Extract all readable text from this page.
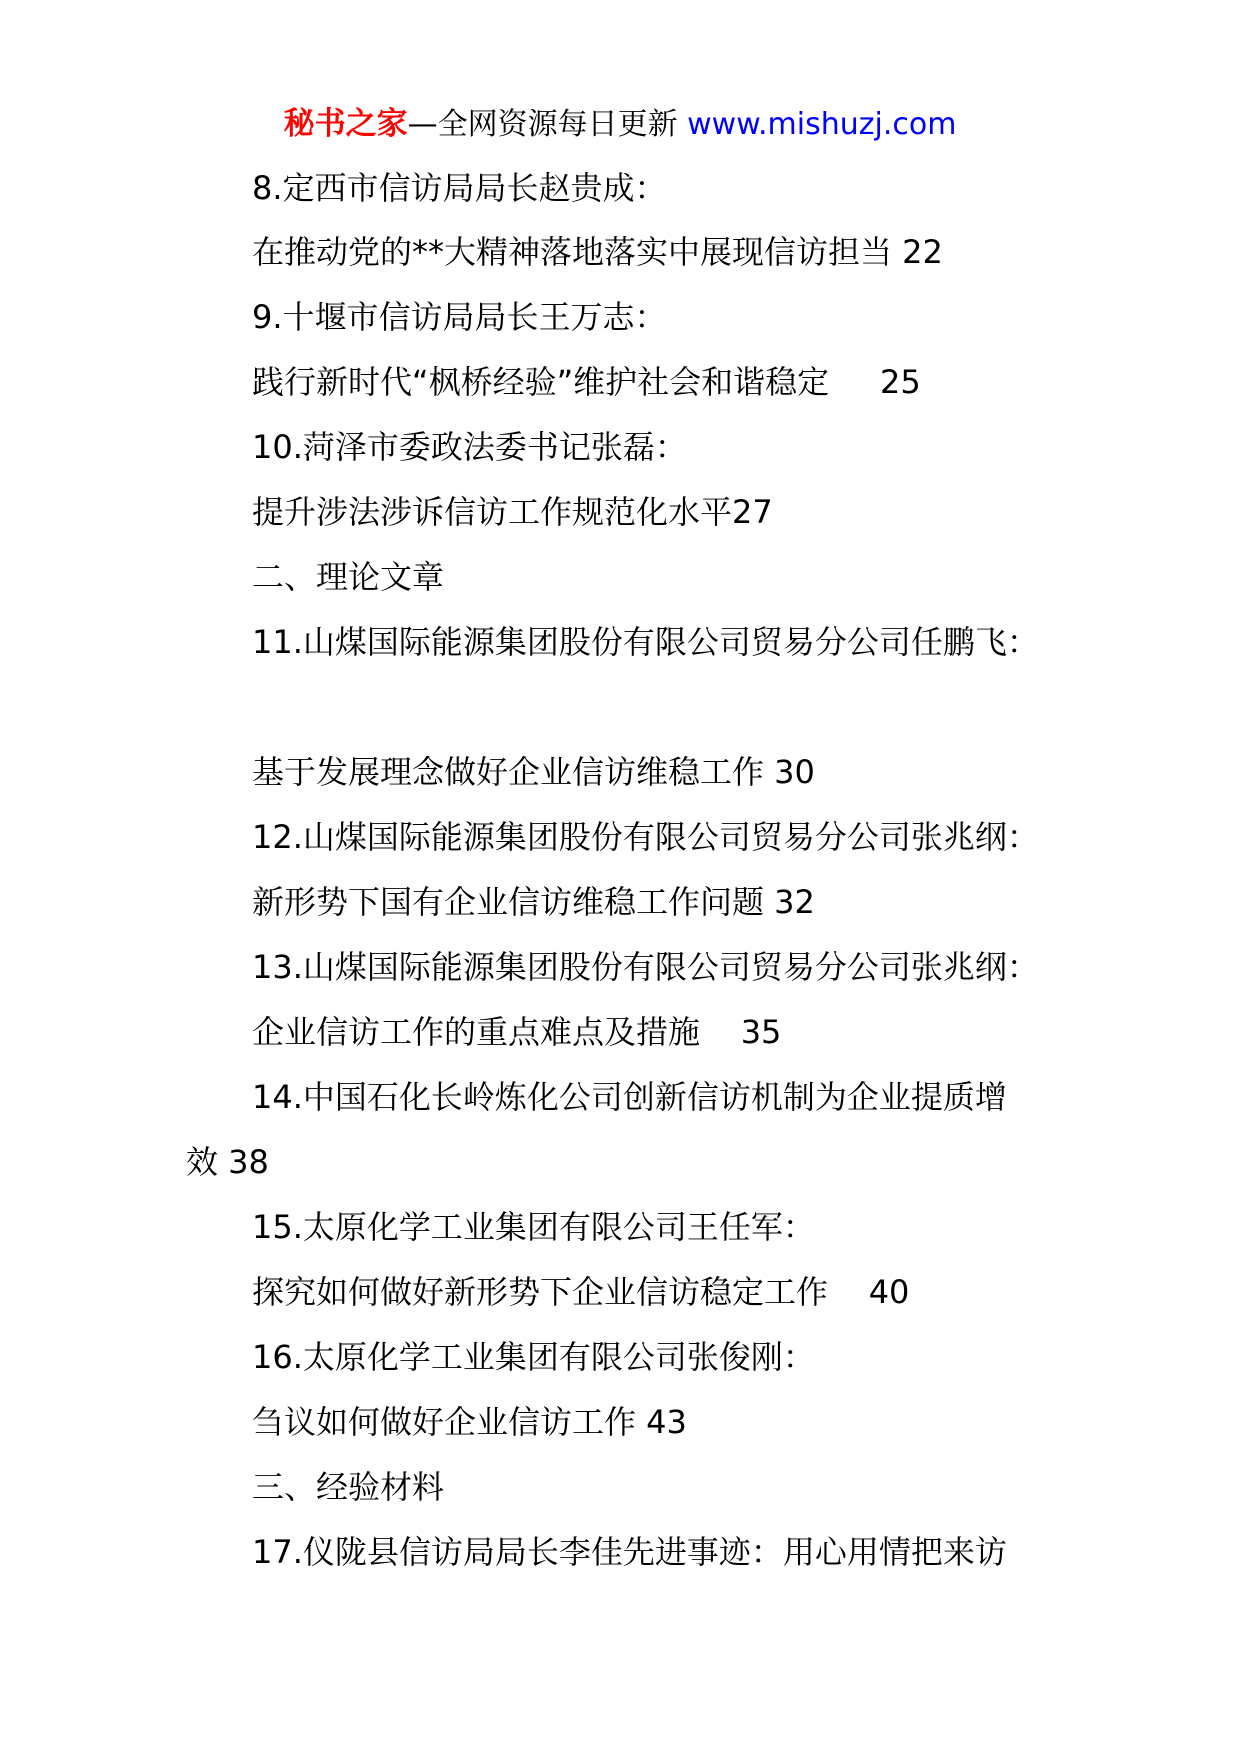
秘书之家—全网资源每日更新 www.mishuzj.com
8.定西市信访局局长赵贵成：
在推动党的**大精神落地落实中展现信访担当 22
9.十堰市信访局局长王万志：
践行新时代“枫桥经验”维护社会和谐稳定     25
10.菏泽市委政法委书记张磊：
提升涉法涉诉信访工作规范化水平27
二、理论文章
11.山煤国际能源集团股份有限公司贸易分公司任鹏飞：
基于发展理念做好企业信访维稳工作 30
12.山煤国际能源集团股份有限公司贸易分公司张兆纲：
新形势下国有企业信访维稳工作问题 32
13.山煤国际能源集团股份有限公司贸易分公司张兆纲：
企业信访工作的重点难点及措施    35
14.中国石化长岭炼化公司创新信访机制为企业提质增
效 38
15.太原化学工业集团有限公司王任军：
探究如何做好新形势下企业信访稳定工作    40
16.太原化学工业集团有限公司张俊刚：
刍议如何做好企业信访工作 43
三、经验材料
17.仪陇县信访局局长李佳先进事迹：用心用情把来访
